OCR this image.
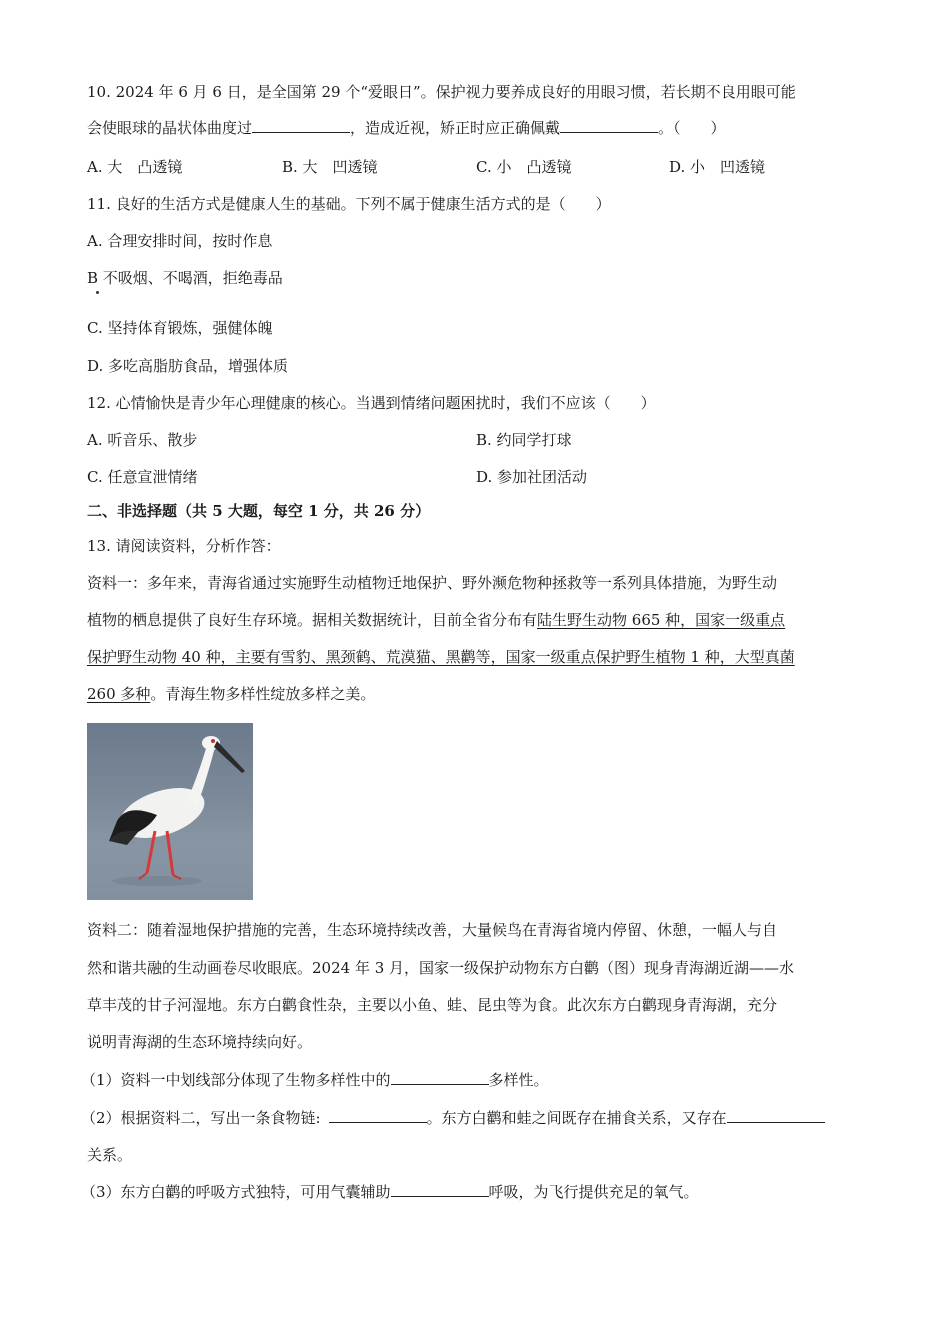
10. 2024 年 6 月 6 日，是全国第 29 个“爱眼日”。保护视力要养成良好的用眼习惯，若长期不良用眼可能
会使眼球的晶状体曲度过	，造成近视，矫正时应正确佩戴	。（　　）
A. 大　凸透镜	B. 大　凹透镜	C. 小　凸透镜	D. 小　凹透镜
11. 良好的生活方式是健康人生的基础。下列不属于健康生活方式的是（　　）
A. 合理安排时间，按时作息
B 不吸烟、不喝酒，拒绝毒品
C. 坚持体育锻炼，强健体魄
D. 多吃高脂肪食品，增强体质
12. 心情愉快是青少年心理健康的核心。当遇到情绪问题困扰时，我们不应该（　　）
A. 听音乐、散步	B. 约同学打球
C. 任意宣泄情绪	D. 参加社团活动
二、非选择题（共 5 大题，每空 1 分，共 26 分）
13. 请阅读资料，分析作答：
资料一：多年来，青海省通过实施野生动植物迁地保护、野外濒危物种拯救等一系列具体措施，为野生动
植物的栖息提供了良好生存环境。据相关数据统计，目前全省分布有陆生野生动物 665 种，国家一级重点
保护野生动物 40 种，主要有雪豹、黑颈鹤、荒漠猫、黑鹳等，国家一级重点保护野生植物 1 种，大型真菌
260 多种。青海生物多样性绽放多样之美。
资料二：随着湿地保护措施的完善，生态环境持续改善，大量候鸟在青海省境内停留、休憩，一幅人与自
然和谐共融的生动画卷尽收眼底。2024 年 3 月，国家一级保护动物东方白鹳（图）现身青海湖近湖——水
草丰茂的甘子河湿地。东方白鹳食性杂，主要以小鱼、蛙、昆虫等为食。此次东方白鹳现身青海湖，充分
说明青海湖的生态环境持续向好。
（1）资料一中划线部分体现了生物多样性中的	多样性。
（2）根据资料二，写出一条食物链:	。东方白鹳和蛙之间既存在捕食关系，又存在
关系。
（3）东方白鹳的呼吸方式独特，可用气囊辅助	呼吸，为飞行提供充足的氧气。
